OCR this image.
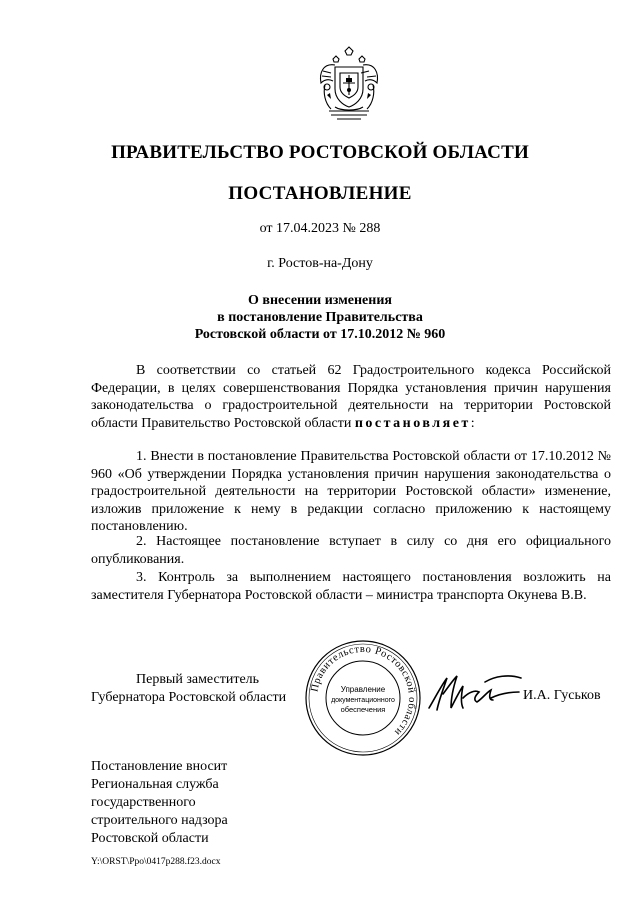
ПРАВИТЕЛЬСТВО РОСТОВСКОЙ ОБЛАСТИ
ПОСТАНОВЛЕНИЕ
от 17.04.2023 № 288
г. Ростов-на-Дону
О внесении изменения
в постановление Правительства
Ростовской области от 17.10.2012 № 960
В соответствии со статьей 62 Градостроительного кодекса Российской Федерации, в целях совершенствования Порядка установления причин нарушения законодательства о градостроительной деятельности на территории Ростовской области Правительство Ростовской области постановляет:
1. Внести в постановление Правительства Ростовской области от 17.10.2012 № 960 «Об утверждении Порядка установления причин нарушения законодательства о градостроительной деятельности на территории Ростовской области» изменение, изложив приложение к нему в редакции согласно приложению к настоящему постановлению.
2. Настоящее постановление вступает в силу со дня его официального опубликования.
3. Контроль за выполнением настоящего постановления возложить на заместителя Губернатора Ростовской области – министра транспорта Окунева В.В.
Первый заместитель Губернатора Ростовской области
Правительство Ростовской области
Управление
документационного
обеспечения
И.А. Гуськов
Постановление вносит
Региональная служба
государственного
строительного надзора
Ростовской области
Y:\ORST\Ppo\0417p288.f23.docx
